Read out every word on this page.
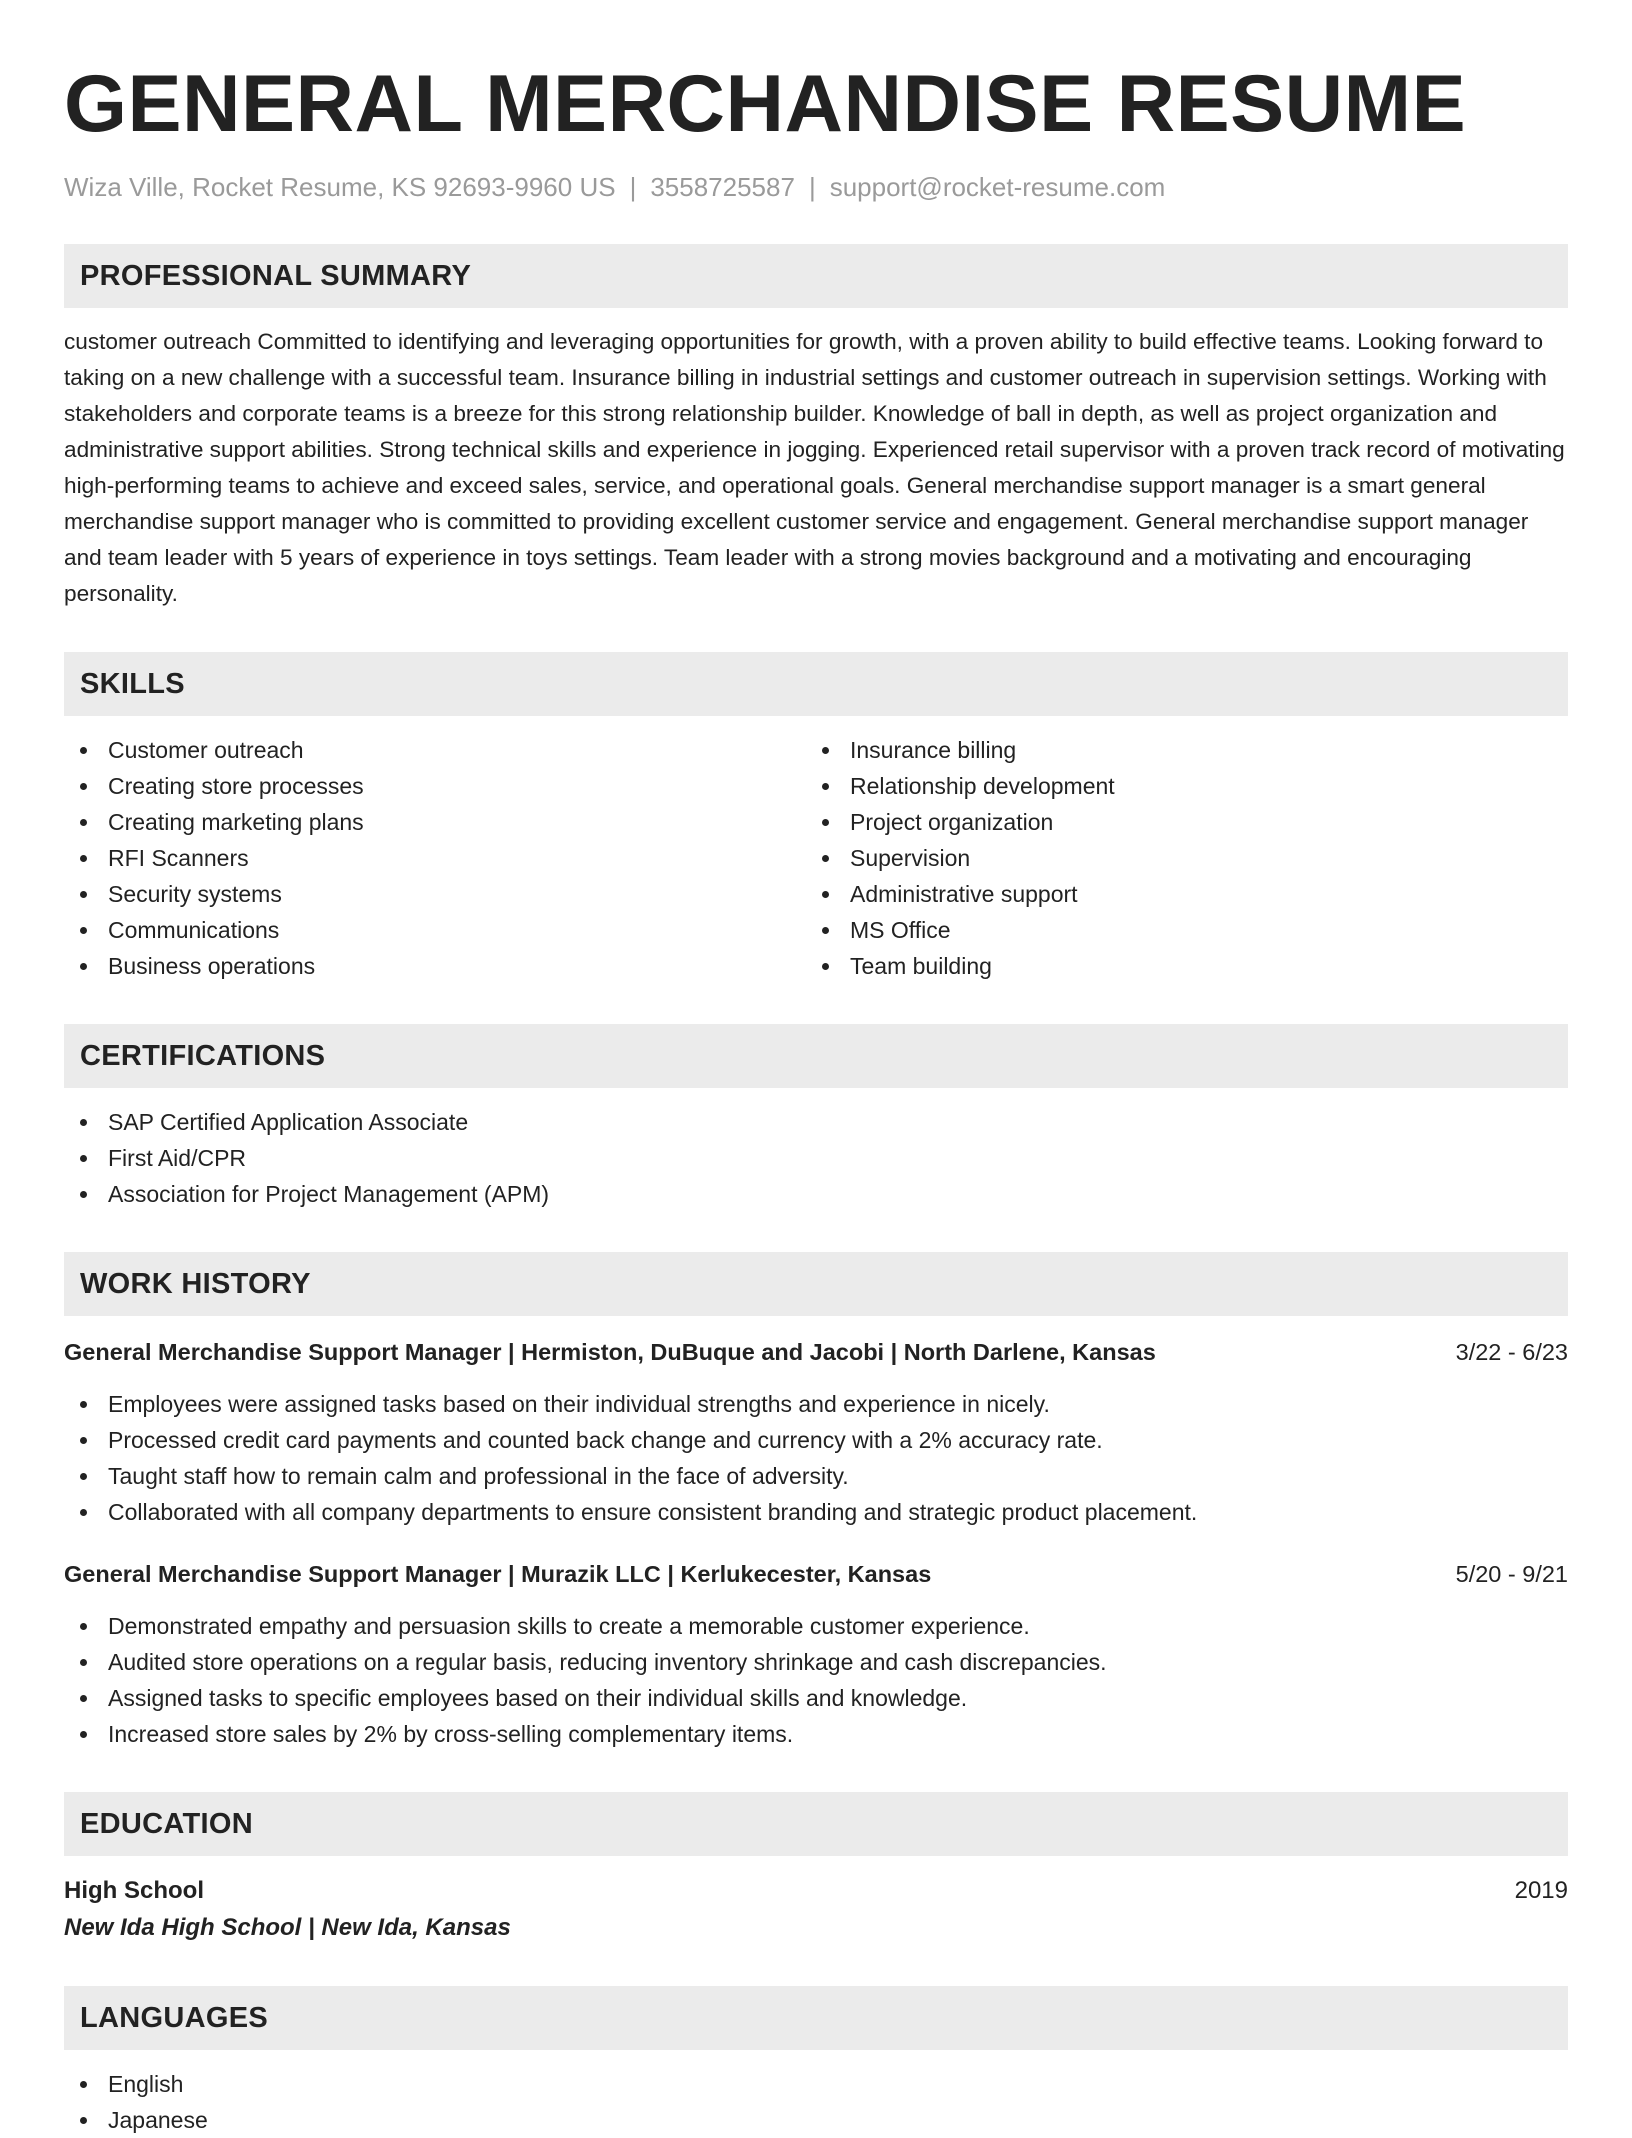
GENERAL MERCHANDISE RESUME
Wiza Ville, Rocket Resume, KS 92693-9960 US | 3558725587 | support@rocket-resume.com
PROFESSIONAL SUMMARY

customer outreach Committed to identifying and leveraging opportunities for growth, with a proven ability to build effective teams. Looking forward to taking on a new challenge with a successful team. Insurance billing in industrial settings and customer outreach in supervision settings. Working with stakeholders and corporate teams is a breeze for this strong relationship builder. Knowledge of ball in depth, as well as project organization and administrative support abilities. Strong technical skills and experience in jogging. Experienced retail supervisor with a proven track record of motivating high-performing teams to achieve and exceed sales, service, and operational goals. General merchandise support manager is a smart general merchandise support manager who is committed to providing excellent customer service and engagement. General merchandise support manager and team leader with 5 years of experience in toys settings. Team leader with a strong movies background and a motivating and encouraging personality.

SKILLS
Customer outreach
Creating store processes
Creating marketing plans
RFI Scanners
Security systems
Communications
Business operations
Insurance billing
Relationship development
Project organization
Supervision
Administrative support
MS Office
Team building
CERTIFICATIONS
SAP Certified Application Associate
First Aid/CPR
Association for Project Management (APM)
WORK HISTORY
General Merchandise Support Manager | Hermiston, DuBuque and Jacobi | North Darlene, Kansas	3/22 - 6/23
Employees were assigned tasks based on their individual strengths and experience in nicely.
Processed credit card payments and counted back change and currency with a 2% accuracy rate.
Taught staff how to remain calm and professional in the face of adversity.
Collaborated with all company departments to ensure consistent branding and strategic product placement.
General Merchandise Support Manager | Murazik LLC | Kerlukecester, Kansas	5/20 - 9/21
Demonstrated empathy and persuasion skills to create a memorable customer experience.
Audited store operations on a regular basis, reducing inventory shrinkage and cash discrepancies.
Assigned tasks to specific employees based on their individual skills and knowledge.
Increased store sales by 2% by cross-selling complementary items.
EDUCATION
High School	2019
New Ida High School | New Ida, Kansas
LANGUAGES
English
Japanese
